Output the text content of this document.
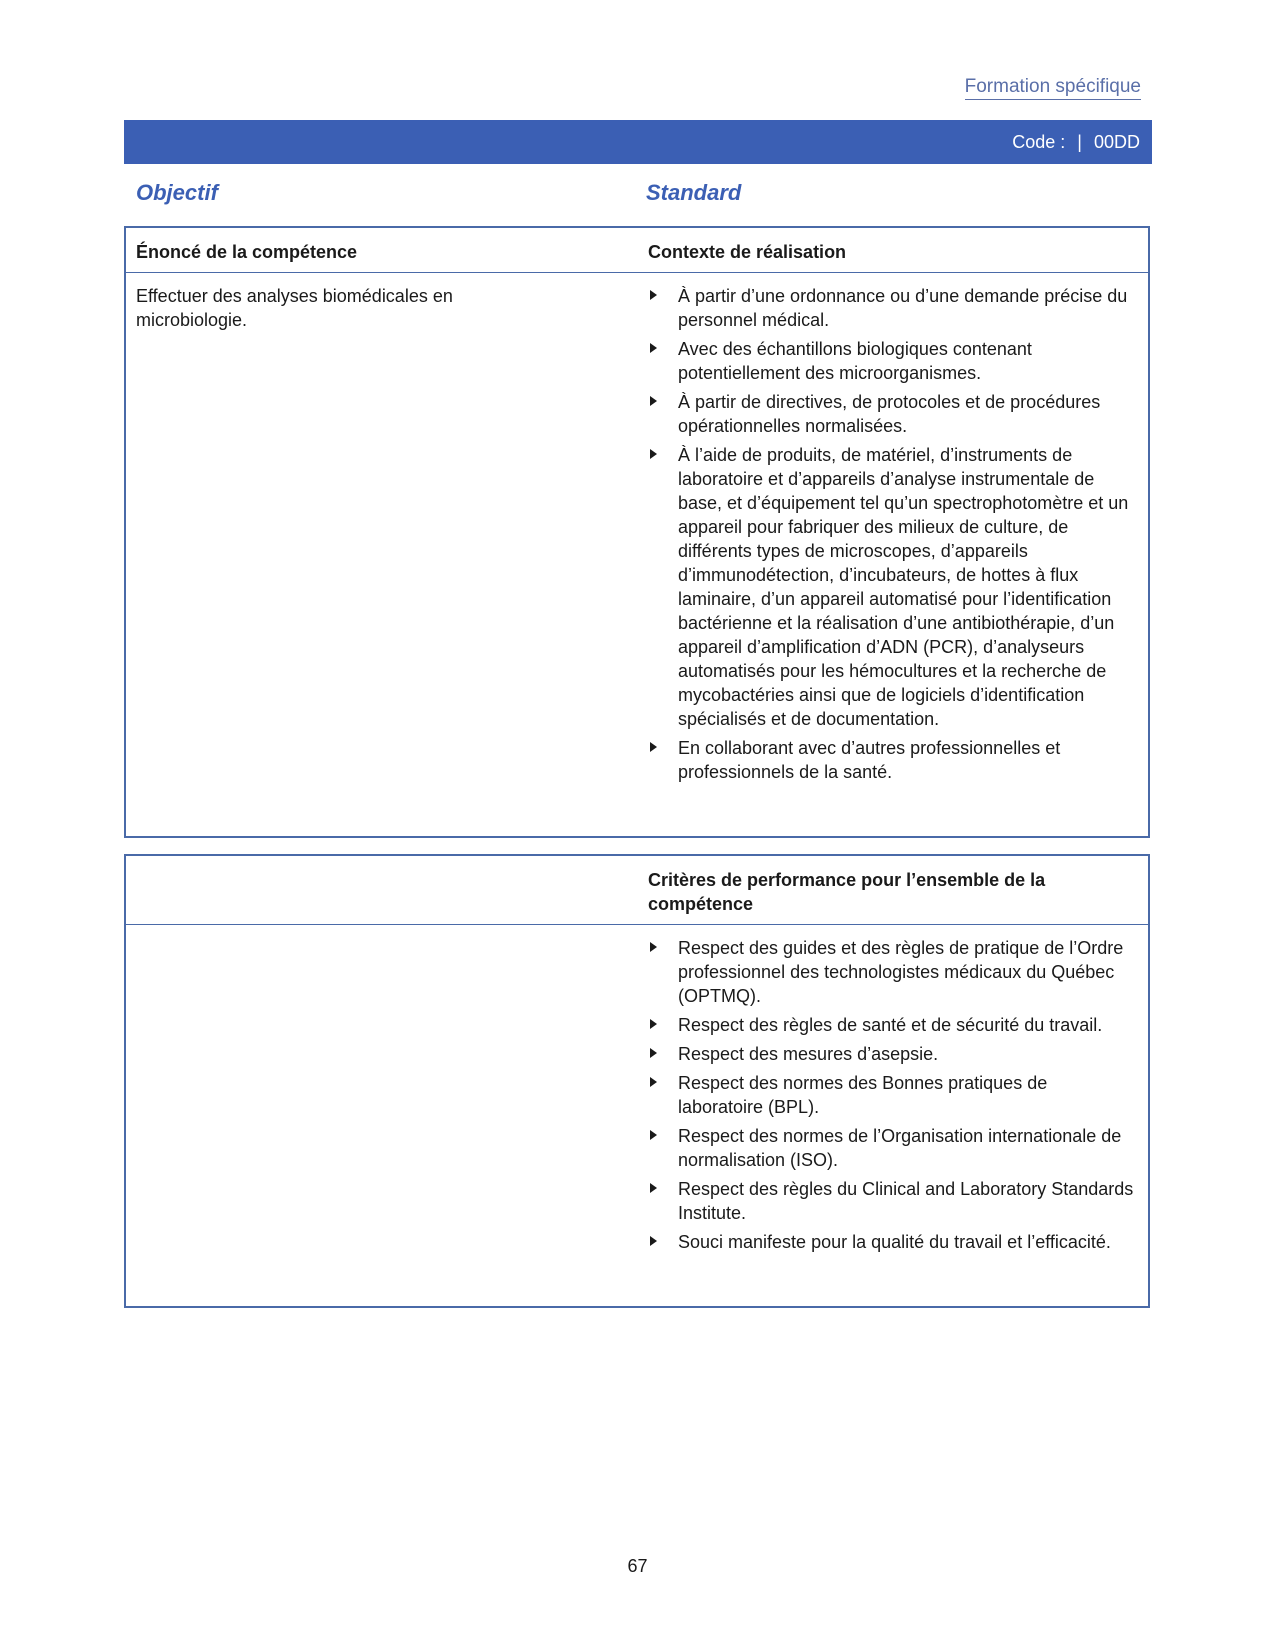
Formation spécifique
Code : | 00DD
Objectif	Standard
Énoncé de la compétence	Contexte de réalisation
Effectuer des analyses biomédicales en microbiologie.
À partir d’une ordonnance ou d’une demande précise du personnel médical.
Avec des échantillons biologiques contenant potentiellement des microorganismes.
À partir de directives, de protocoles et de procédures opérationnelles normalisées.
À l’aide de produits, de matériel, d’instruments de laboratoire et d’appareils d’analyse instrumentale de base, et d’équipement tel qu’un spectrophotomètre et un appareil pour fabriquer des milieux de culture, de différents types de microscopes, d’appareils d’immunodétection, d’incubateurs, de hottes à flux laminaire, d’un appareil automatisé pour l’identification bactérienne et la réalisation d’une antibiothérapie, d’un appareil d’amplification d’ADN (PCR), d’analyseurs automatisés pour les hémocultures et la recherche de mycobactéries ainsi que de logiciels d’identification spécialisés et de documentation.
En collaborant avec d’autres professionnelles et professionnels de la santé.
Critères de performance pour l’ensemble de la compétence
Respect des guides et des règles de pratique de l’Ordre professionnel des technologistes médicaux du Québec (OPTMQ).
Respect des règles de santé et de sécurité du travail.
Respect des mesures d’asepsie.
Respect des normes des Bonnes pratiques de laboratoire (BPL).
Respect des normes de l’Organisation internationale de normalisation (ISO).
Respect des règles du Clinical and Laboratory Standards Institute.
Souci manifeste pour la qualité du travail et l’efficacité.
67
